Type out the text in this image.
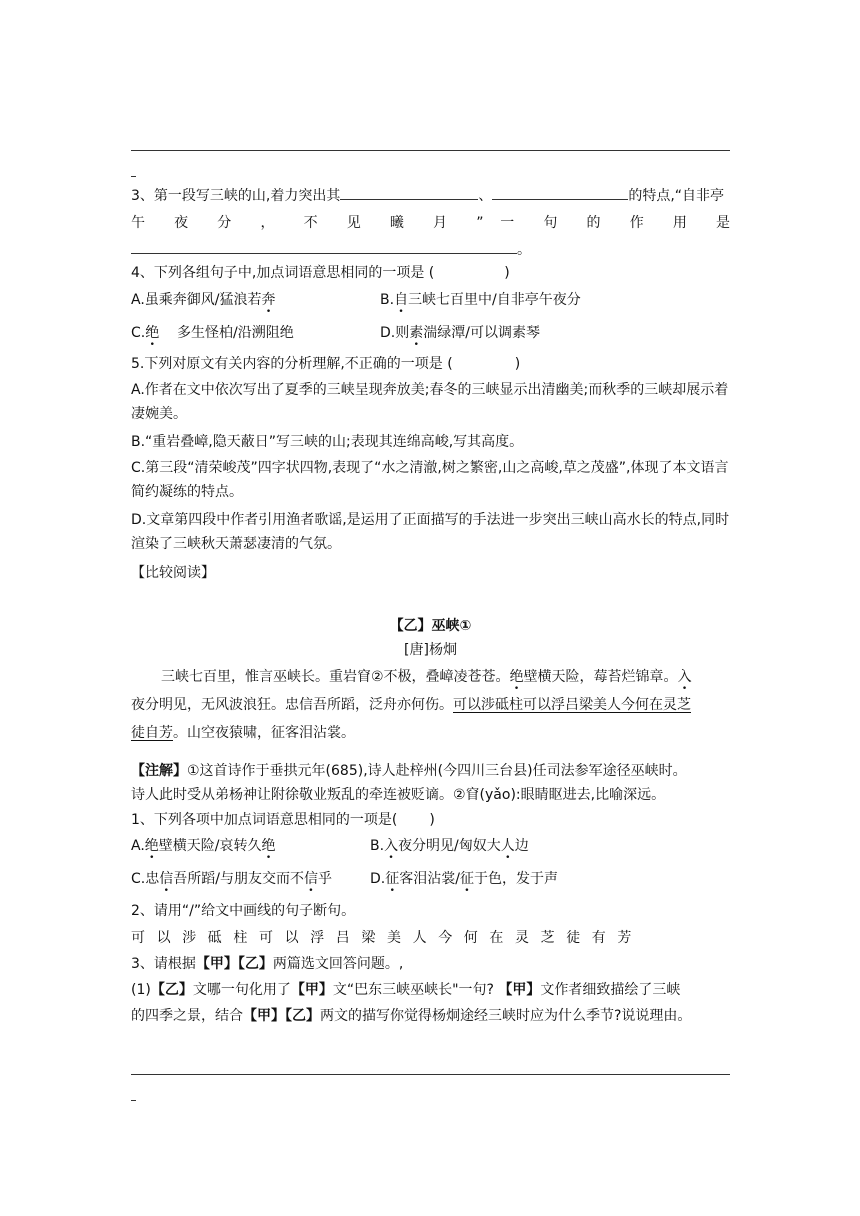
3、第一段写三峡的山,着力突出其	、	的特点,“自非亭
午 夜 分 ， 不 见 曦 月 ” 一 句 的 作 用 是
。
4、下列各组句子中,加点词语意思相同的一项是 (	)
A.虽乘奔御风/猛浪若奔	B.自三峡七百里中/自非亭午夜分
C.绝    多生怪柏/沿溯阻绝	D.则素湍绿潭/可以调素琴
5.下列对原文有关内容的分析理解,不正确的一项是 (	)
A.作者在文中依次写出了夏季的三峡呈现奔放美;春冬的三峡显示出清幽美;而秋季的三峡却展示着凄婉美。
B.“重岩叠嶂,隐天蔽日”写三峡的山;表现其连绵高峻,写其高度。
C.第三段“清荣峻茂”四字状四物,表现了“水之清澈,树之繁密,山之高峻,草之茂盛”,体现了本文语言简约凝练的特点。
D.文章第四段中作者引用渔者歌谣,是运用了正面描写的手法进一步突出三峡山高水长的特点,同时渲染了三峡秋天萧瑟凄清的气氛。
【比较阅读】
【乙】巫峡①
[唐]杨炯
三峡七百里，惟言巫峡长。重岩窅②不极，叠嶂凌苍苍。绝壁横天险，莓苔烂锦章。入
夜分明见，无风波浪狂。忠信吾所蹈，泛舟亦何伤。可以涉砥柱可以浮吕梁美人今何在灵芝
徒自芳。山空夜猿啸，征客泪沾裳。
【注解】①这首诗作于垂拱元年(685),诗人赴梓州(今四川三台县)任司法参军途径巫峡时。
诗人此时受从弟杨神让附徐敬业叛乱的牵连被贬谪。②窅(yǎo):眼睛眍进去,比喻深远。
1、下列各项中加点词语意思相同的一项是( )
A.绝壁横天险/哀转久绝	B.入夜分明见/匈奴大人边
C.忠信吾所蹈/与朋友交而不信乎	D.征客泪沾裳/征于色，发于声
2、请用“/”给文中画线的句子断句。
可以涉砥柱可以浮吕梁美人今何在灵芝徒有芳
3、请根据【甲】【乙】两篇选文回答问题。,
(1)【乙】文哪一句化用了【甲】文“巴东三峡巫峡长"一句? 【甲】文作者细致描绘了三峡
的四季之景，结合【甲】【乙】两文的描写你觉得杨炯途经三峡时应为什么季节?说说理由。
